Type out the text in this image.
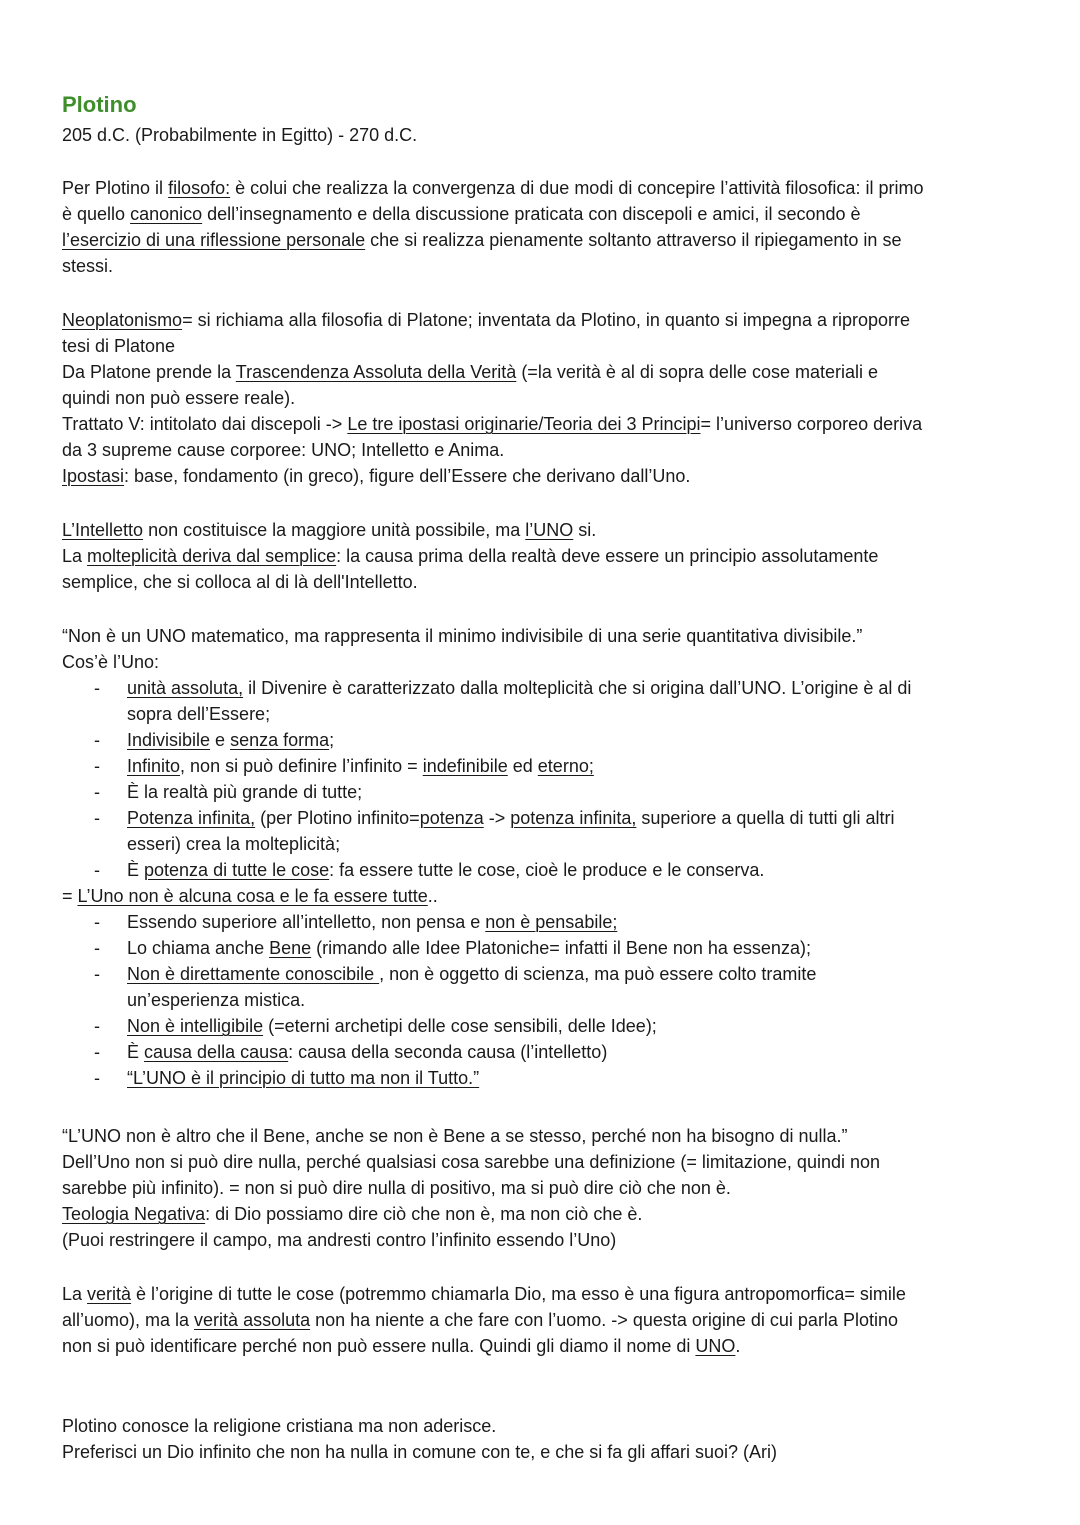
Plotino
205 d.C. (Probabilmente in Egitto) - 270 d.C.
Per Plotino il filosofo: è colui che realizza la convergenza di due modi di concepire l’attività filosofica: il primo
è quello canonico dell’insegnamento e della discussione praticata con discepoli e amici, il secondo è
l’esercizio di una riflessione personale che si realizza pienamente soltanto attraverso il ripiegamento in se
stessi.
Neoplatonismo= si richiama alla filosofia di Platone; inventata da Plotino, in quanto si impegna a riproporre
tesi di Platone
Da Platone prende la Trascendenza Assoluta della Verità (=la verità è al di sopra delle cose materiali e
quindi non può essere reale).
Trattato V: intitolato dai discepoli -> Le tre ipostasi originarie/Teoria dei 3 Principi= l’universo corporeo deriva
da 3 supreme cause corporee: UNO; Intelletto e Anima.
Ipostasi: base, fondamento (in greco), figure dell’Essere che derivano dall’Uno.
L’Intelletto non costituisce la maggiore unità possibile, ma l’UNO si.
La molteplicità deriva dal semplice: la causa prima della realtà deve essere un principio assolutamente
semplice, che si colloca al di là dell'Intelletto.
“Non è un UNO matematico, ma rappresenta il minimo indivisibile di una serie quantitativa divisibile.”
Cos’è l’Uno:
- unità assoluta, il Divenire è caratterizzato dalla molteplicità che si origina dall’UNO. L’origine è al di
sopra dell’Essere;
- Indivisibile e senza forma;
- Infinito, non si può definire l’infinito = indefinibile ed eterno;
- È la realtà più grande di tutte;
- Potenza infinita, (per Plotino infinito=potenza -> potenza infinita, superiore a quella di tutti gli altri
esseri) crea la molteplicità;
- È potenza di tutte le cose: fa essere tutte le cose, cioè le produce e le conserva.
= L’Uno non è alcuna cosa e le fa essere tutte..
- Essendo superiore all’intelletto, non pensa e non è pensabile;
- Lo chiama anche Bene (rimando alle Idee Platoniche= infatti il Bene non ha essenza);
- Non è direttamente conoscibile , non è oggetto di scienza, ma può essere colto tramite
un’esperienza mistica.
- Non è intelligibile (=eterni archetipi delle cose sensibili, delle Idee);
- È causa della causa: causa della seconda causa (l’intelletto)
- “L’UNO è il principio di tutto ma non il Tutto.”
“L’UNO non è altro che il Bene, anche se non è Bene a se stesso, perché non ha bisogno di nulla.”
Dell’Uno non si può dire nulla, perché qualsiasi cosa sarebbe una definizione (= limitazione, quindi non
sarebbe più infinito). = non si può dire nulla di positivo, ma si può dire ciò che non è.
Teologia Negativa: di Dio possiamo dire ciò che non è, ma non ciò che è.
(Puoi restringere il campo, ma andresti contro l’infinito essendo l’Uno)
La verità è l’origine di tutte le cose (potremmo chiamarla Dio, ma esso è una figura antropomorfica= simile
all’uomo), ma la verità assoluta non ha niente a che fare con l’uomo. -> questa origine di cui parla Plotino
non si può identificare perché non può essere nulla. Quindi gli diamo il nome di UNO.
Plotino conosce la religione cristiana ma non aderisce.
Preferisci un Dio infinito che non ha nulla in comune con te, e che si fa gli affari suoi? (Ari)
